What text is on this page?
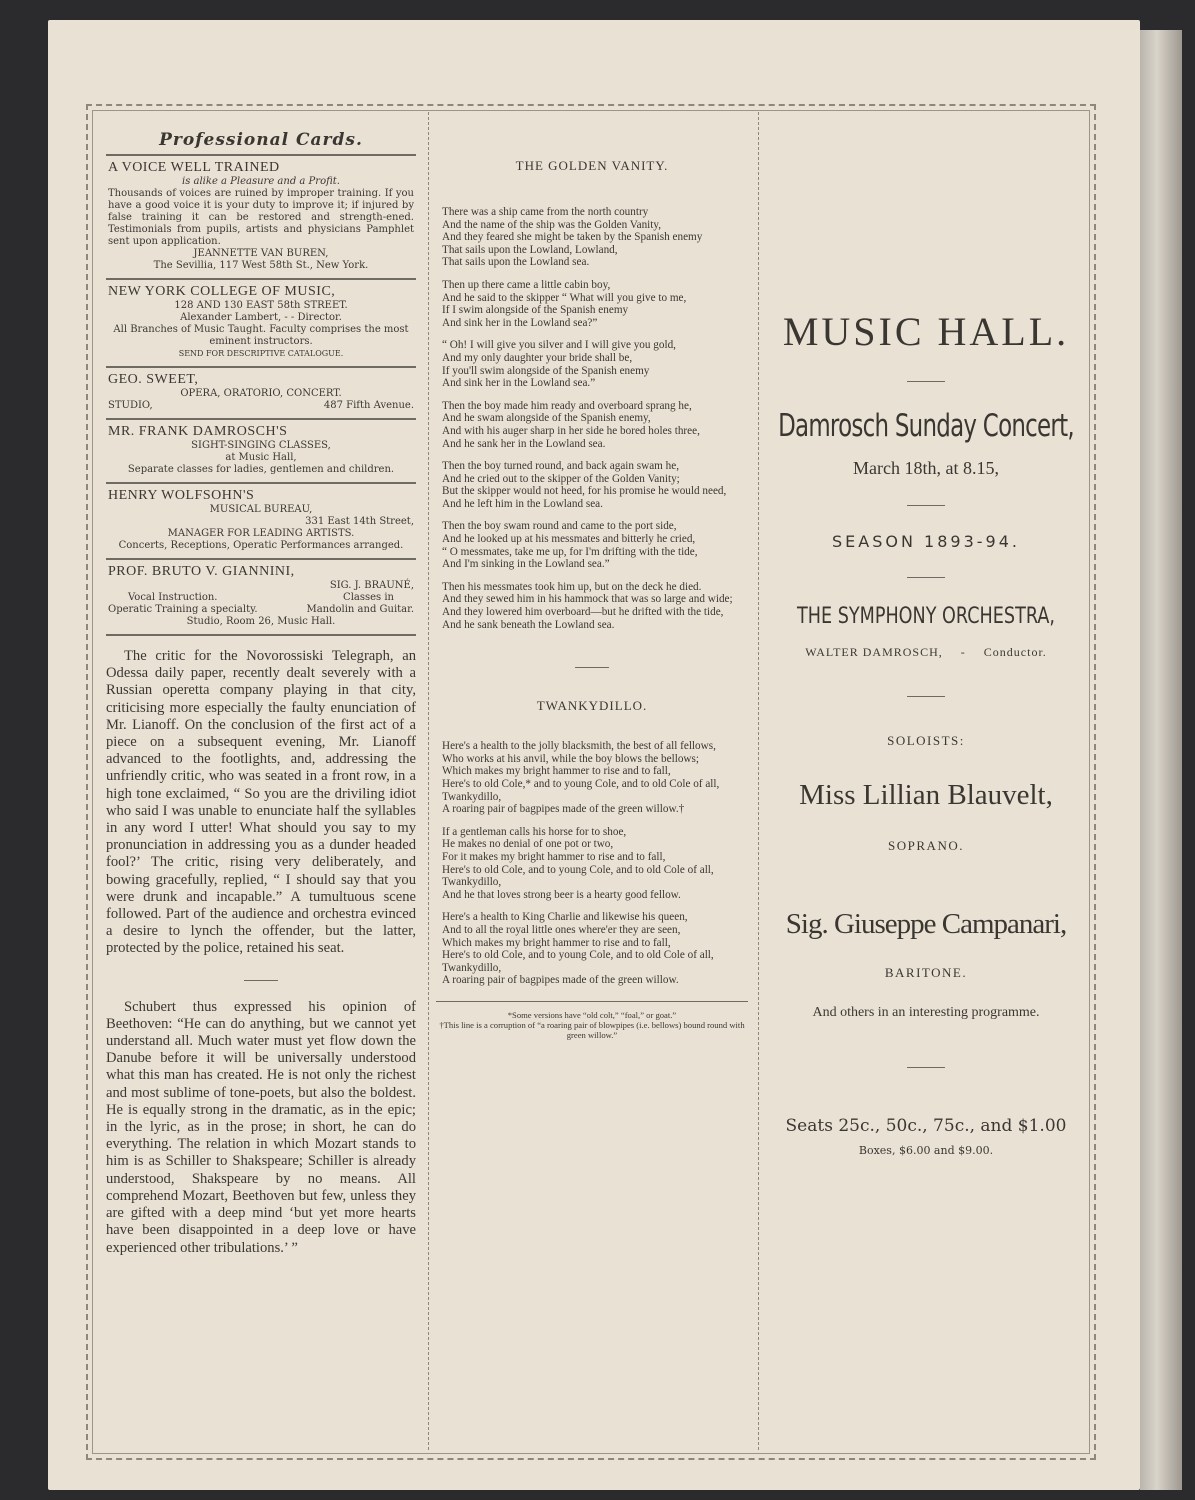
Professional Cards.
A VOICE WELL TRAINED
is alike a Pleasure and a Profit.
Thousands of voices are ruined by improper training. If you have a good voice it is your duty to improve it; if injured by false training it can be restored and strength-ened. Testimonials from pupils, artists and physicians Pamphlet sent upon application.
JEANNETTE VAN BUREN,
The Sevillia, 117 West 58th St., New York.
NEW YORK COLLEGE OF MUSIC,
128 AND 130 EAST 58th STREET.
Alexander Lambert, - - Director.
All Branches of Music Taught. Faculty comprises the most eminent instructors.
SEND FOR DESCRIPTIVE CATALOGUE.
GEO. SWEET,
OPERA, ORATORIO, CONCERT.
STUDIO,	487 Fifth Avenue.
MR. FRANK DAMROSCH'S
SIGHT-SINGING CLASSES,
at Music Hall,
Separate classes for ladies, gentlemen and children.
HENRY WOLFSOHN'S
MUSICAL BUREAU,
331 East 14th Street,
MANAGER FOR LEADING ARTISTS.
Concerts, Receptions, Operatic Performances arranged.
PROF. BRUTO V. GIANNINI,
SIG. J. BRAUNÉ,
Vocal Instruction.	Classes in
Operatic Training a specialty.	Mandolin and Guitar.
Studio, Room 26, Music Hall.

The critic for the Novorossiski Telegraph, an Odessa daily paper, recently dealt severely with a Russian operetta company playing in that city, criticising more especially the faulty enunciation of Mr. Lianoff. On the conclusion of the first act of a piece on a subsequent evening, Mr. Lianoff advanced to the footlights, and, addressing the unfriendly critic, who was seated in a front row, in a high tone exclaimed, “ So you are the driviling idiot who said I was unable to enunciate half the syllables in any word I utter! What should you say to my pronunciation in addressing you as a dunder headed fool?’ The critic, rising very deliberately, and bowing gracefully, replied, “ I should say that you were drunk and incapable.” A tumultuous scene followed. Part of the audience and orchestra evinced a desire to lynch the offender, but the latter, protected by the police, retained his seat.

Schubert thus expressed his opinion of Beethoven: “He can do anything, but we cannot yet understand all. Much water must yet flow down the Danube before it will be universally understood what this man has created. He is not only the richest and most sublime of tone-poets, but also the boldest. He is equally strong in the dramatic, as in the epic; in the lyric, as in the prose; in short, he can do everything. The relation in which Mozart stands to him is as Schiller to Shakspeare; Schiller is already understood, Shakspeare by no means. All comprehend Mozart, Beethoven but few, unless they are gifted with a deep mind ‘but yet more hearts have been disappointed in a deep love or have experienced other tribulations.’ ”

THE GOLDEN VANITY.
There was a ship came from the north country
And the name of the ship was the Golden Vanity,
And they feared she might be taken by the Spanish enemy
That sails upon the Lowland, Lowland,
That sails upon the Lowland sea.
Then up there came a little cabin boy,
And he said to the skipper “ What will you give to me,
If I swim alongside of the Spanish enemy
And sink her in the Lowland sea?”
“ Oh! I will give you silver and I will give you gold,
And my only daughter your bride shall be,
If you'll swim alongside of the Spanish enemy
And sink her in the Lowland sea.”
Then the boy made him ready and overboard sprang he,
And he swam alongside of the Spanish enemy,
And with his auger sharp in her side he bored holes three,
And he sank her in the Lowland sea.
Then the boy turned round, and back again swam he,
And he cried out to the skipper of the Golden Vanity;
But the skipper would not heed, for his promise he would need,
And he left him in the Lowland sea.
Then the boy swam round and came to the port side,
And he looked up at his messmates and bitterly he cried,
“ O messmates, take me up, for I'm drifting with the tide,
And I'm sinking in the Lowland sea.”
Then his messmates took him up, but on the deck he died.
And they sewed him in his hammock that was so large and wide;
And they lowered him overboard—but he drifted with the tide,
And he sank beneath the Lowland sea.
TWANKYDILLO.
Here's a health to the jolly blacksmith, the best of all fellows,
Who works at his anvil, while the boy blows the bellows;
Which makes my bright hammer to rise and to fall,
Here's to old Cole,* and to young Cole, and to old Cole of all,
Twankydillo,
A roaring pair of bagpipes made of the green willow.†
If a gentleman calls his horse for to shoe,
He makes no denial of one pot or two,
For it makes my bright hammer to rise and to fall,
Here's to old Cole, and to young Cole, and to old Cole of all,
Twankydillo,
And he that loves strong beer is a hearty good fellow.
Here's a health to King Charlie and likewise his queen,
And to all the royal little ones where'er they are seen,
Which makes my bright hammer to rise and to fall,
Here's to old Cole, and to young Cole, and to old Cole of all,
Twankydillo,
A roaring pair of bagpipes made of the green willow.
*Some versions have “old colt,” “foal,” or goat.”
†This line is a corruption of “a roaring pair of blowpipes (i.e. bellows) bound round with green willow.”
MUSIC HALL.
Damrosch Sunday Concert,
March 18th, at 8.15,
SEASON 1893-94.
THE SYMPHONY ORCHESTRA,
WALTER DAMROSCH, - Conductor.
SOLOISTS:
Miss Lillian Blauvelt,
SOPRANO.
Sig. Giuseppe Campanari,
BARITONE.
And others in an interesting programme.
Seats 25c., 50c., 75c., and $1.00
Boxes, $6.00 and $9.00.
